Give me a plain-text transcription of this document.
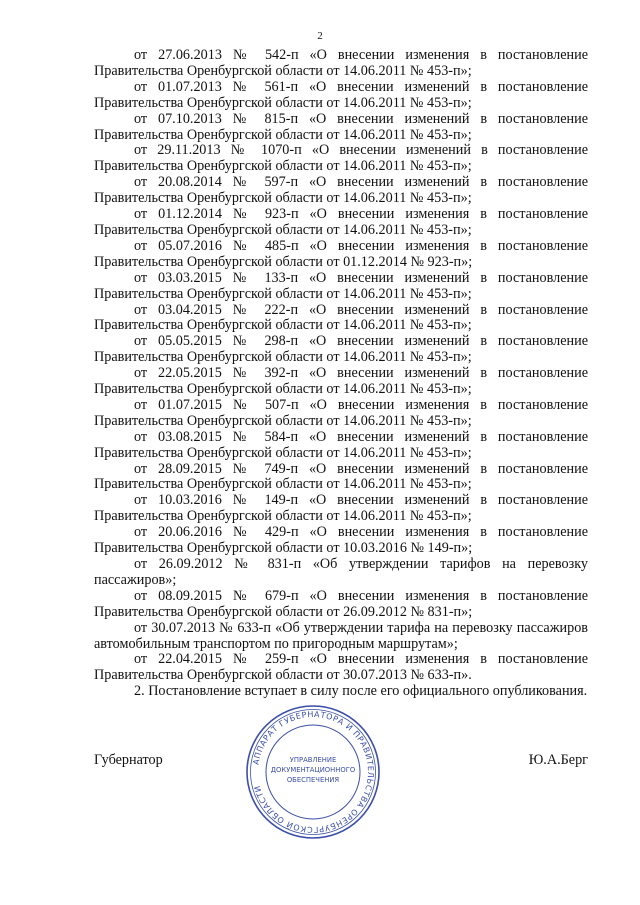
2

от 27.06.2013 № 542-п «О внесении изменения в постановление Правительства Оренбургской области от 14.06.2011 № 453-п»;

от 01.07.2013 № 561-п «О внесении изменений в постановление Правительства Оренбургской области от 14.06.2011 № 453-п»;

от 07.10.2013 № 815-п «О внесении изменений в постановление Правительства Оренбургской области от 14.06.2011 № 453-п»;

от 29.11.2013 № 1070-п «О внесении изменений в постановление Правительства Оренбургской области от 14.06.2011 № 453-п»;

от 20.08.2014 № 597-п «О внесении изменений в постановление Правительства Оренбургской области от 14.06.2011 № 453-п»;

от 01.12.2014 № 923-п «О внесении изменения в постановление Правительства Оренбургской области от 14.06.2011 № 453-п»;

от 05.07.2016 № 485-п «О внесении изменения в постановление Правительства Оренбургской области от 01.12.2014 № 923-п»;

от 03.03.2015 № 133-п «О внесении изменений в постановление Правительства Оренбургской области от 14.06.2011 № 453-п»;

от 03.04.2015 № 222-п «О внесении изменений в постановление Правительства Оренбургской области от 14.06.2011 № 453-п»;

от 05.05.2015 № 298-п «О внесении изменений в постановление Правительства Оренбургской области от 14.06.2011 № 453-п»;

от 22.05.2015 № 392-п «О внесении изменений в постановление Правительства Оренбургской области от 14.06.2011 № 453-п»;

от 01.07.2015 № 507-п «О внесении изменения в постановление Правительства Оренбургской области от 14.06.2011 № 453-п»;

от 03.08.2015 № 584-п «О внесении изменений в постановление Правительства Оренбургской области от 14.06.2011 № 453-п»;

от 28.09.2015 № 749-п «О внесении изменений в постановление Правительства Оренбургской области от 14.06.2011 № 453-п»;

от 10.03.2016 № 149-п «О внесении изменений в постановление Правительства Оренбургской области от 14.06.2011 № 453-п»;

от 20.06.2016 № 429-п «О внесении изменения в постановление Правительства Оренбургской области от 10.03.2016 № 149-п»;

от 26.09.2012 № 831-п «Об утверждении тарифов на перевозку пассажиров»;

от 08.09.2015 № 679-п «О внесении изменения в постановление Правительства Оренбургской области от 26.09.2012 № 831-п»;

от 30.07.2013 № 633-п «Об утверждении тарифа на перевозку пассажиров автомобильным транспортом по пригородным маршрутам»;

от 22.04.2015 № 259-п «О внесении изменения в постановление Правительства Оренбургской области от 30.07.2013 № 633-п».

2. Постановление вступает в силу после его официального опубликования.

Губернатор	Ю.А.Берг
АППАРАТ ГУБЕРНАТОРА И ПРАВИТЕЛЬСТВА ОРЕНБУРГСКОЙ ОБЛАСТИ
УПРАВЛЕНИЕ
ДОКУМЕНТАЦИОННОГО
ОБЕСПЕЧЕНИЯ
